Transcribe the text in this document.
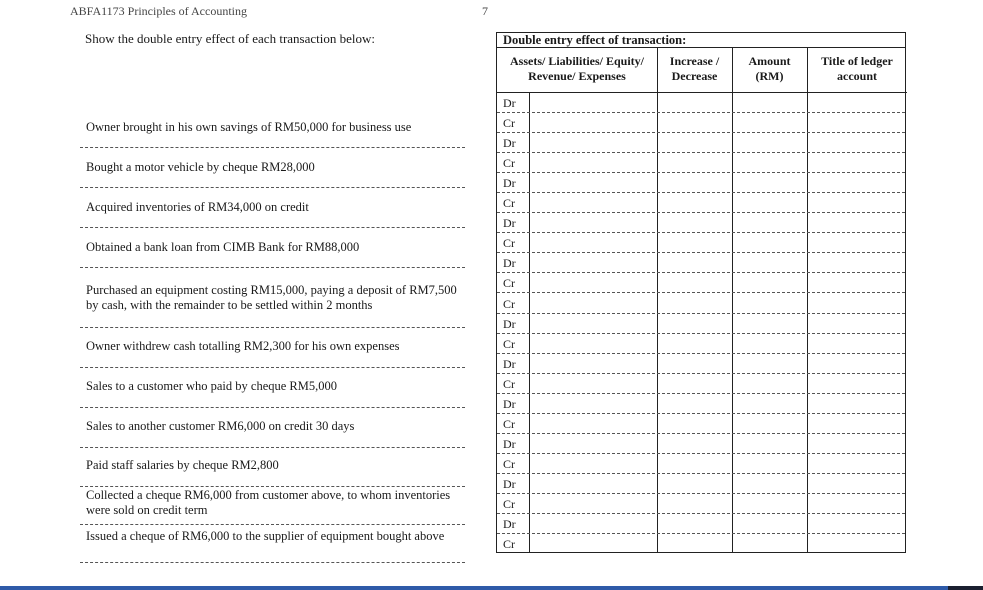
ABFA1173 Principles of Accounting	7
Show the double entry effect of each transaction below:
Owner brought in his own savings of RM50,000 for business use
Bought a motor vehicle by cheque RM28,000
Acquired inventories of RM34,000 on credit
Obtained a bank loan from CIMB Bank for RM88,000
Purchased an equipment costing RM15,000, paying a deposit of RM7,500 by cash, with the remainder to be settled within 2 months
Owner withdrew cash totalling RM2,300 for his own expenses
Sales to a customer who paid by cheque RM5,000
Sales to another customer RM6,000 on credit 30 days
Paid staff salaries by cheque RM2,800
Collected a cheque RM6,000 from customer above, to whom inventories were sold on credit term
Issued a cheque of RM6,000 to the supplier of equipment bought above
Double entry effect of transaction:
Assets/ Liabilities/ Equity/
Revenue/ Expenses
Increase /
Decrease
Amount
(RM)
Title of ledger
account
Dr
Cr
Dr
Cr
Dr
Cr
Dr
Cr
Dr
Cr
Cr
Dr
Cr
Dr
Cr
Dr
Cr
Dr
Cr
Dr
Cr
Dr
Cr
